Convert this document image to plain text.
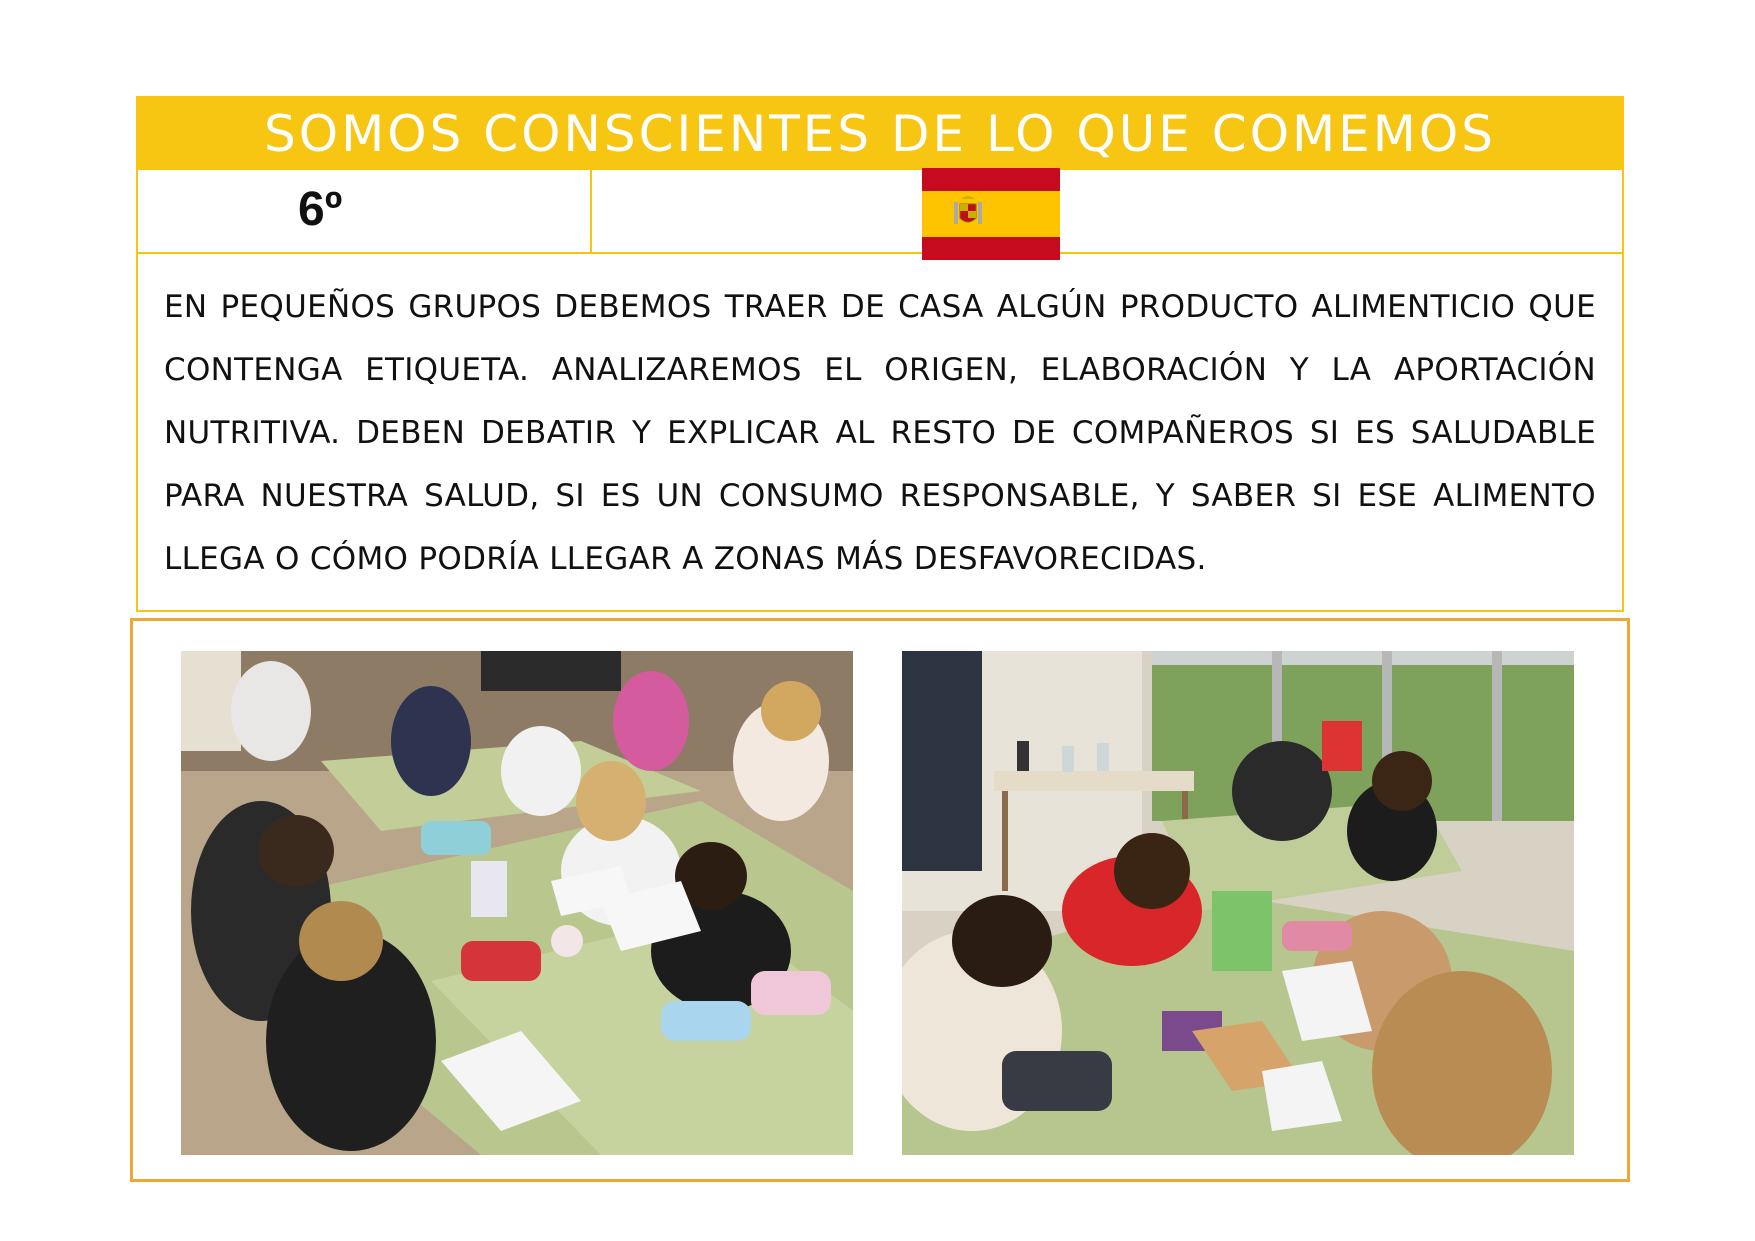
SOMOS CONSCIENTES DE LO QUE COMEMOS
6º

EN PEQUEÑOS GRUPOS DEBEMOS TRAER DE CASA ALGÚN PRODUCTO ALIMENTICIO QUE CONTENGA ETIQUETA. ANALIZAREMOS EL ORIGEN, ELABORACIÓN Y LA APORTACIÓN NUTRITIVA. DEBEN DEBATIR Y EXPLICAR AL RESTO DE COMPAÑEROS SI ES SALUDABLE PARA NUESTRA SALUD, SI ES UN CONSUMO RESPONSABLE, Y SABER SI ESE ALIMENTO LLEGA O CÓMO PODRÍA LLEGAR A ZONAS MÁS DESFAVORECIDAS.
